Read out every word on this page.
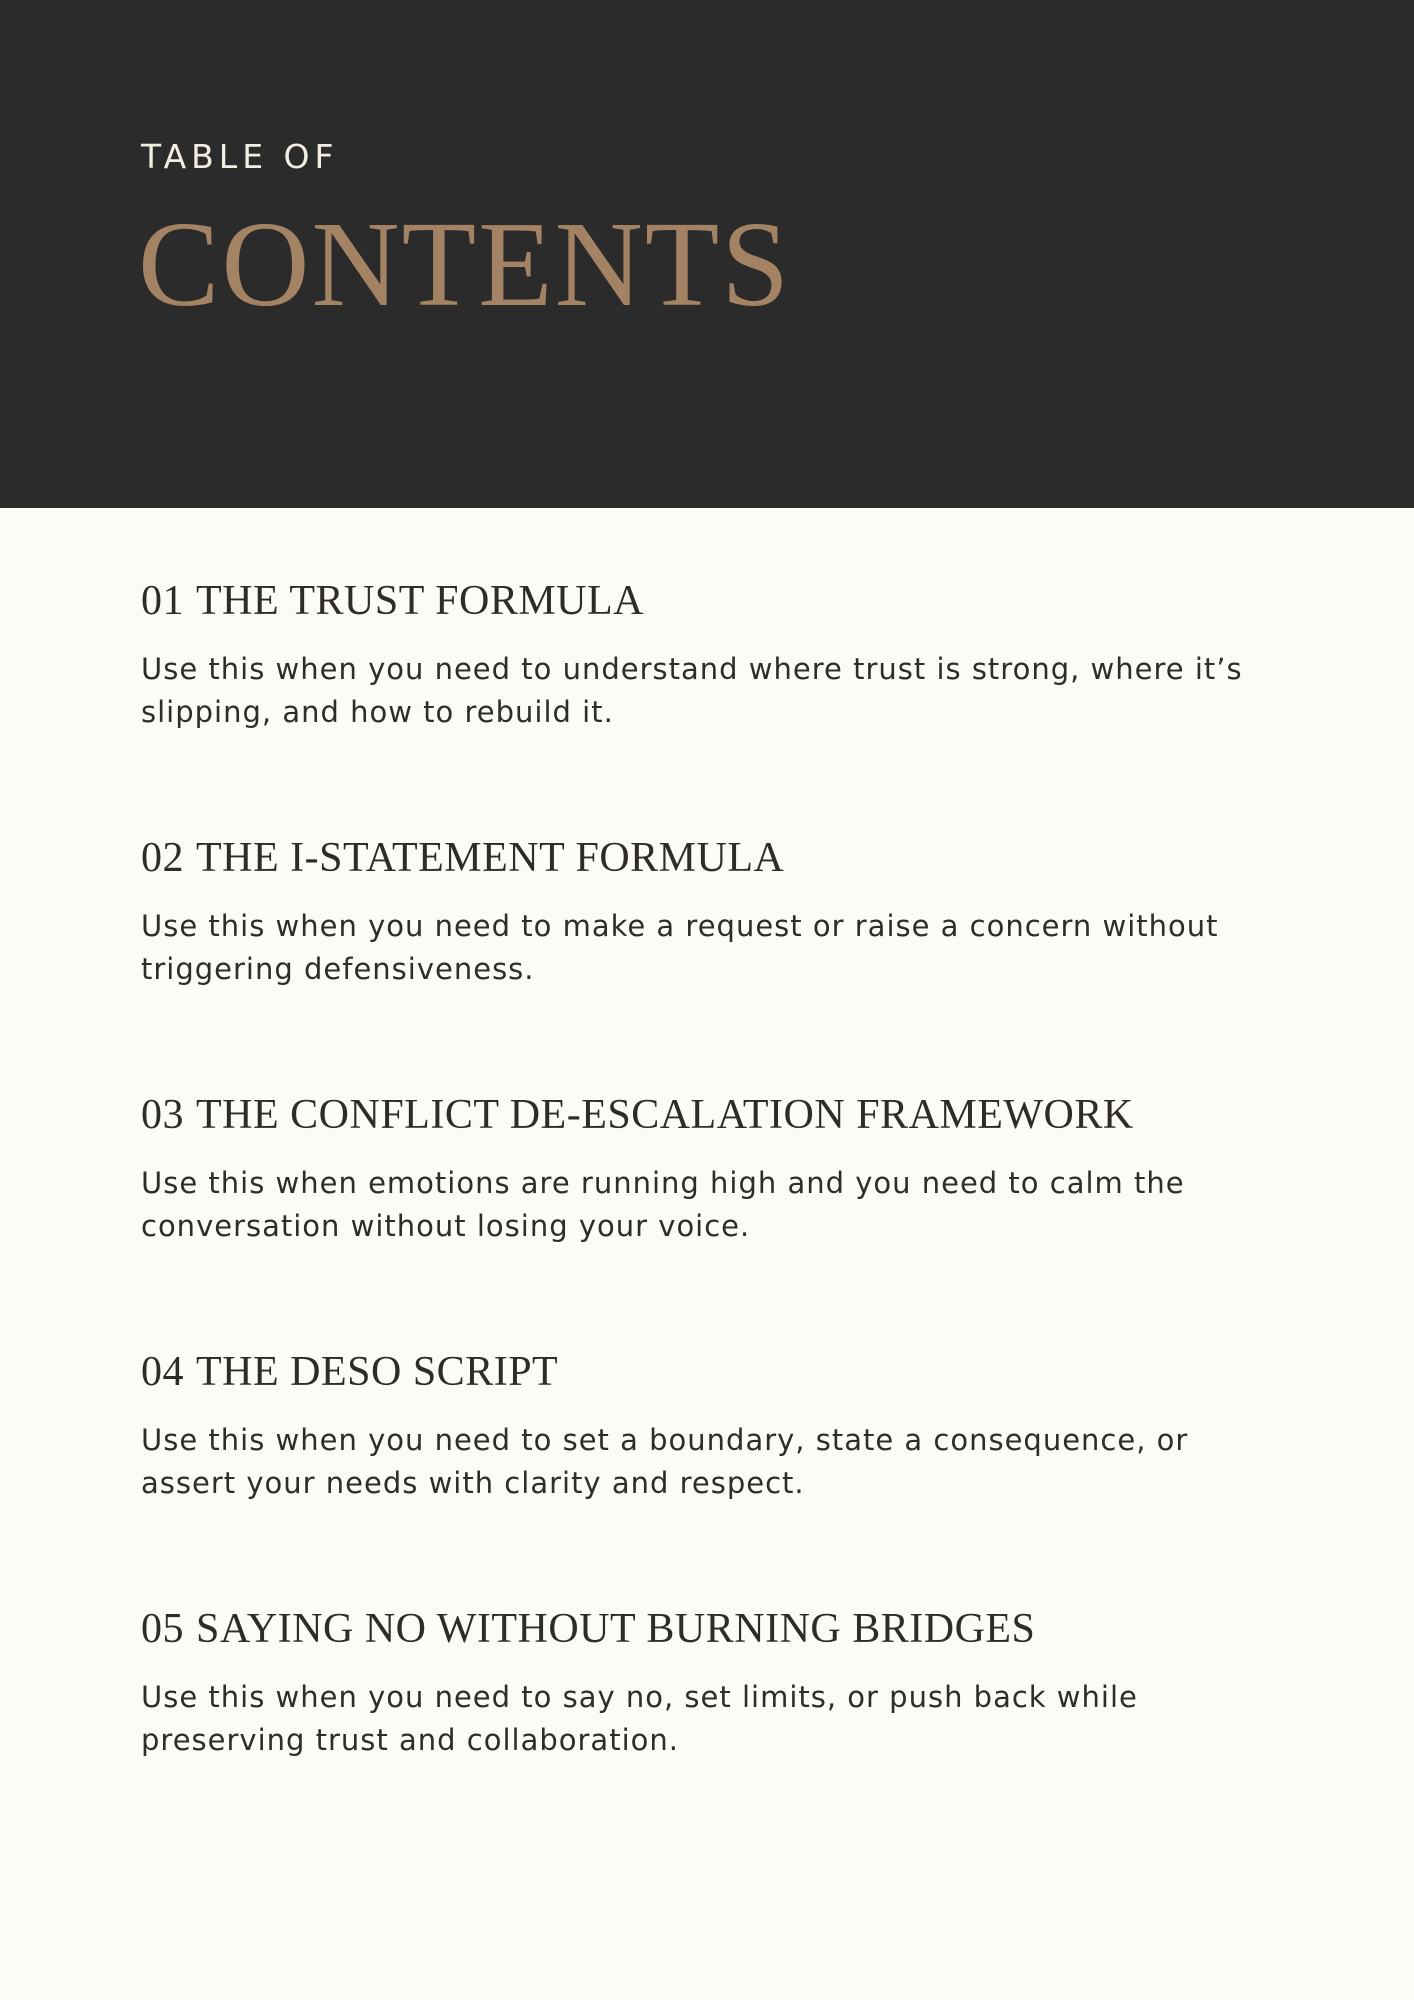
TABLE OF
CONTENTS
01 THE TRUST FORMULA
Use this when you need to understand where trust is strong, where it’s slipping, and how to rebuild it.
02 THE I-STATEMENT FORMULA
Use this when you need to make a request or raise a concern without triggering defensiveness.
03 THE CONFLICT DE-ESCALATION FRAMEWORK
Use this when emotions are running high and you need to calm the conversation without losing your voice.
04 THE DESO SCRIPT
Use this when you need to set a boundary, state a consequence, or assert your needs with clarity and respect.
05 SAYING NO WITHOUT BURNING BRIDGES
Use this when you need to say no, set limits, or push back while preserving trust and collaboration.
